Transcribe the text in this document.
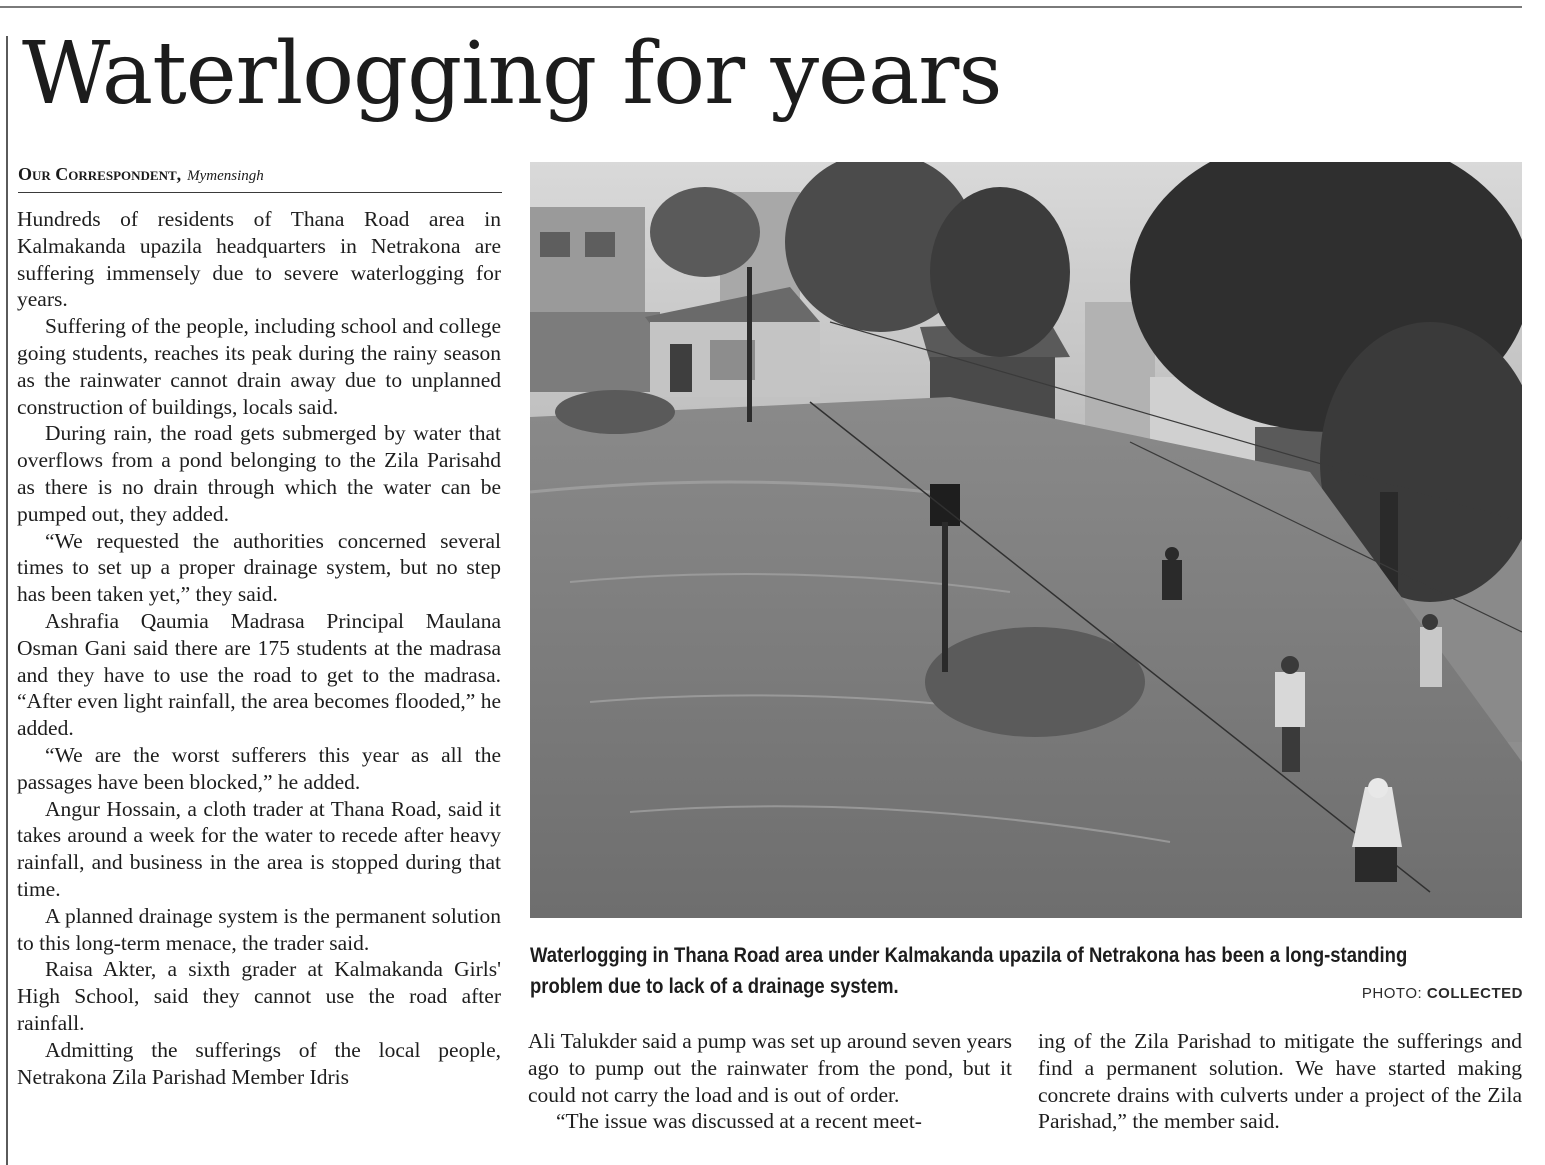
Waterlogging for years
Our Correspondent, Mymensingh

Hundreds of residents of Thana Road area in Kalmakanda upazila headquarters in Netrakona are suffering immensely due to severe waterlogging for years.

Suffering of the people, including school and college going students, reaches its peak during the rainy season as the rainwater cannot drain away due to unplanned construction of buildings, locals said.

During rain, the road gets submerged by water that overflows from a pond belonging to the Zila Parisahd as there is no drain through which the water can be pumped out, they added.

“We requested the authorities concerned several times to set up a proper drainage system, but no step has been taken yet,” they said.

Ashrafia Qaumia Madrasa Principal Maulana Osman Gani said there are 175 students at the madrasa and they have to use the road to get to the madrasa. “After even light rainfall, the area becomes flooded,” he added.

“We are the worst sufferers this year as all the passages have been blocked,” he added.

Angur Hossain, a cloth trader at Thana Road, said it takes around a week for the water to recede after heavy rainfall, and business in the area is stopped during that time.

A planned drainage system is the permanent solution to this long-term menace, the trader said.

Raisa Akter, a sixth grader at Kalmakanda Girls' High School, said they cannot use the road after rainfall.

Admitting the sufferings of the local people, Netrakona Zila Parishad Member Idris

Waterlogging in Thana Road area under Kalmakanda upazila of Netrakona has been a long-standing problem due to lack of a drainage system.	PHOTO: COLLECTED

Ali Talukder said a pump was set up around seven years ago to pump out the rainwater from the pond, but it could not carry the load and is out of order.

“The issue was discussed at a recent meet-

ing of the Zila Parishad to mitigate the sufferings and find a permanent solution. We have started making concrete drains with culverts under a project of the Zila Parishad,” the member said.
